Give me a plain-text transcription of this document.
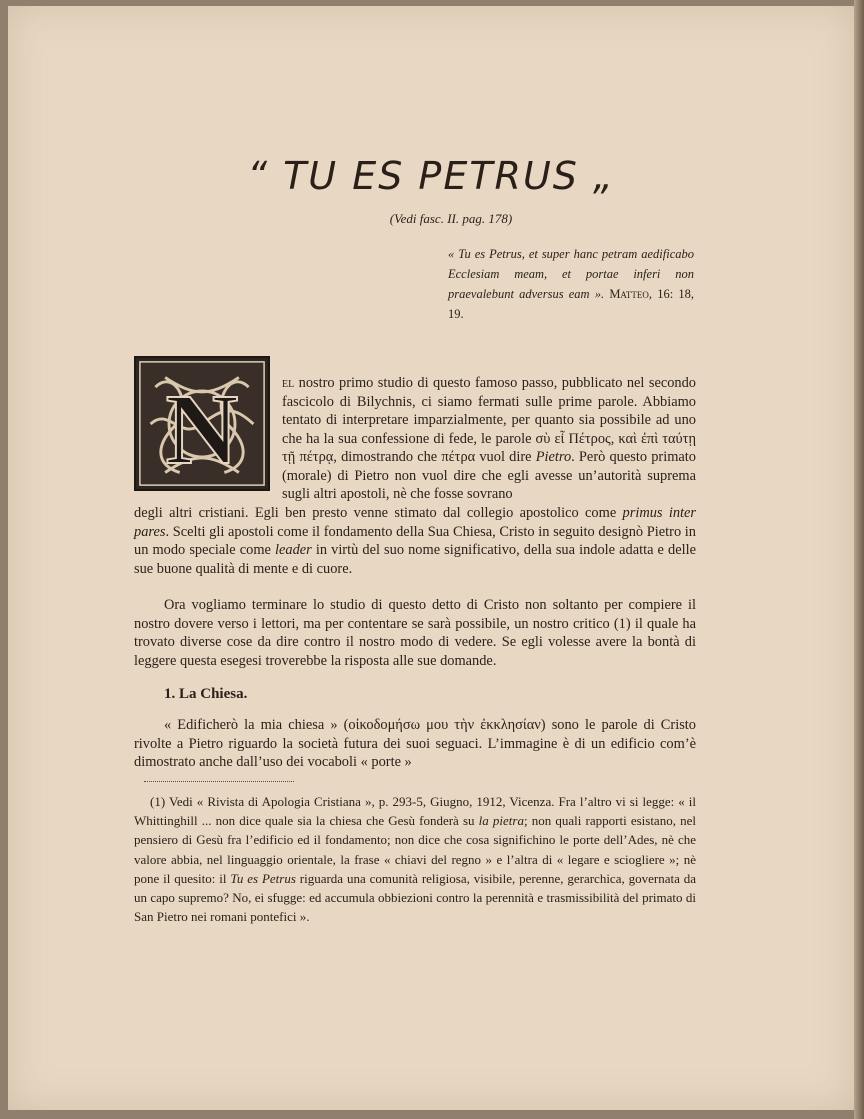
“ TU ES PETRUS „
(Vedi fasc. II. pag. 178)
« Tu es Petrus, et super hanc petram aedificabo Ecclesiam meam, et portae inferi non praevalebunt adversus eam ». Matteo, 16: 18, 19.
N	el nostro primo studio di questo famoso passo, pubblicato nel secondo fascicolo di Bilychnis, ci siamo fermati sulle prime parole. Abbiamo tentato di interpretare imparzialmente, per quanto sia possibile ad uno che ha la sua confessione di fede, le parole σὺ εἶ Πέτρος, καὶ ἐπὶ ταύτῃ τῇ πέτρᾳ, dimostrando che πέτρα vuol dire Pietro. Però questo primato (morale) di Pietro non vuol dire che egli avesse un’autorità suprema sugli altri apostoli, nè che fosse sovrano
degli altri cristiani. Egli ben presto venne stimato dal collegio apostolico come primus inter pares. Scelti gli apostoli come il fondamento della Sua Chiesa, Cristo in seguito designò Pietro in un modo speciale come leader in virtù del suo nome significativo, della sua indole adatta e delle sue buone qualità di mente e di cuore.
Ora vogliamo terminare lo studio di questo detto di Cristo non soltanto per compiere il nostro dovere verso i lettori, ma per contentare se sarà possibile, un nostro critico (1) il quale ha trovato diverse cose da dire contro il nostro modo di vedere. Se egli volesse avere la bontà di leggere questa esegesi troverebbe la risposta alle sue domande.
1. La Chiesa.
« Edificherò la mia chiesa » (οἰκοδομήσω μου τὴν ἐκκλησίαν) sono le parole di Cristo rivolte a Pietro riguardo la società futura dei suoi seguaci. L’immagine è di un edificio com’è dimostrato anche dall’uso dei vocaboli « porte »
(1) Vedi « Rivista di Apologia Cristiana », p. 293-5, Giugno, 1912, Vicenza. Fra l’altro vi si legge: « il Whittinghill ... non dice quale sia la chiesa che Gesù fonderà su la pietra; non quali rapporti esistano, nel pensiero di Gesù fra l’edificio ed il fondamento; non dice che cosa significhino le porte dell’Ades, nè che valore abbia, nel linguaggio orientale, la frase « chiavi del regno » e l’altra di « legare e sciogliere »; nè pone il quesito: il Tu es Petrus riguarda una comunità religiosa, visibile, perenne, gerarchica, governata da un capo supremo? No, ei sfugge: ed accumula obbiezioni contro la perennità e trasmissibilità del primato di San Pietro nei romani pontefici ».
